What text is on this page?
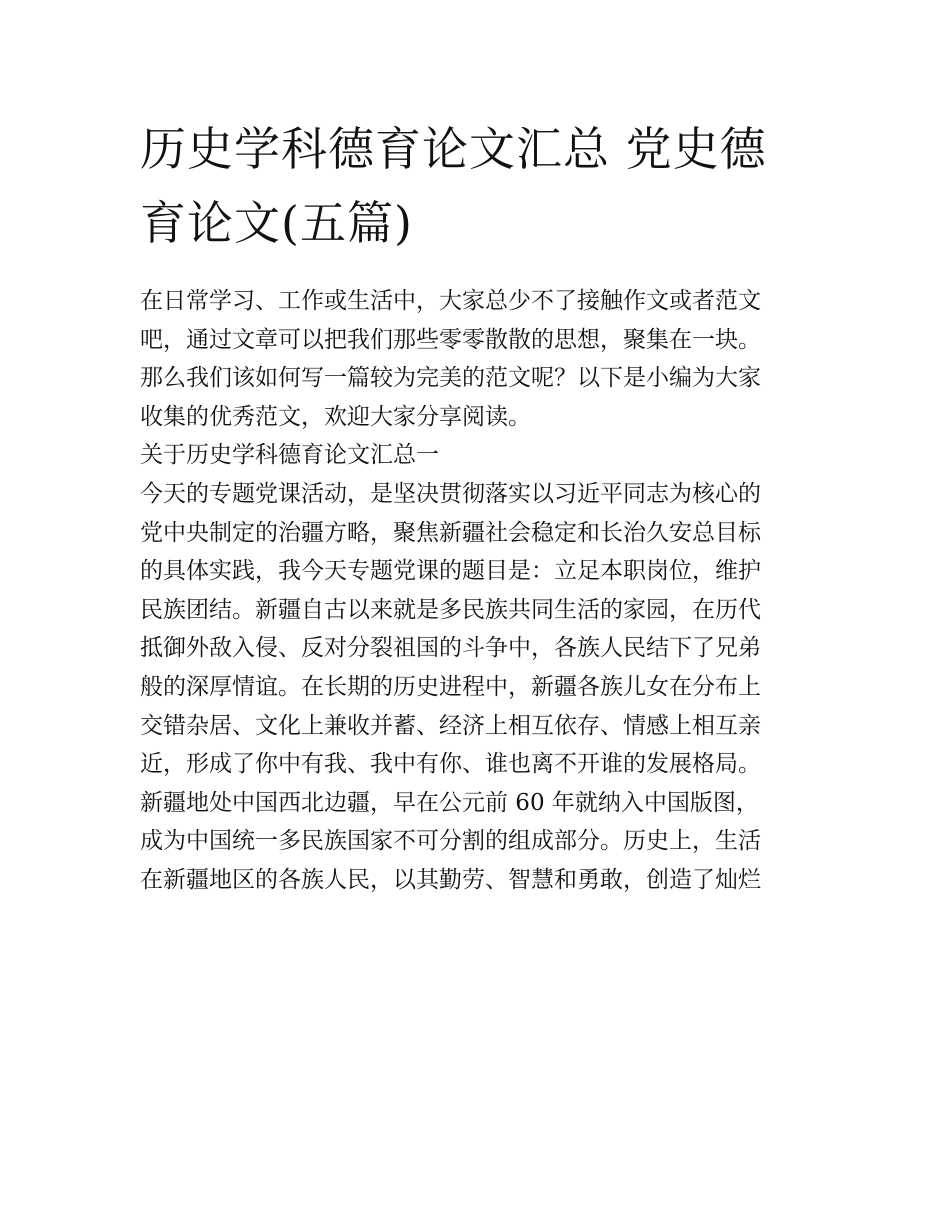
历史学科德育论文汇总 党史德
育论文(五篇)
在日常学习、工作或生活中，大家总少不了接触作文或者范文
吧，通过文章可以把我们那些零零散散的思想，聚集在一块。
那么我们该如何写一篇较为完美的范文呢？以下是小编为大家
收集的优秀范文，欢迎大家分享阅读。
关于历史学科德育论文汇总一
今天的专题党课活动，是坚决贯彻落实以习近平同志为核心的
党中央制定的治疆方略，聚焦新疆社会稳定和长治久安总目标
的具体实践，我今天专题党课的题目是：立足本职岗位，维护
民族团结。新疆自古以来就是多民族共同生活的家园，在历代
抵御外敌入侵、反对分裂祖国的斗争中，各族人民结下了兄弟
般的深厚情谊。在长期的历史进程中，新疆各族儿女在分布上
交错杂居、文化上兼收并蓄、经济上相互依存、情感上相互亲
近，形成了你中有我、我中有你、谁也离不开谁的发展格局。
新疆地处中国西北边疆，早在公元前 60 年就纳入中国版图，
成为中国统一多民族国家不可分割的组成部分。历史上，生活
在新疆地区的各族人民，以其勤劳、智慧和勇敢，创造了灿烂
